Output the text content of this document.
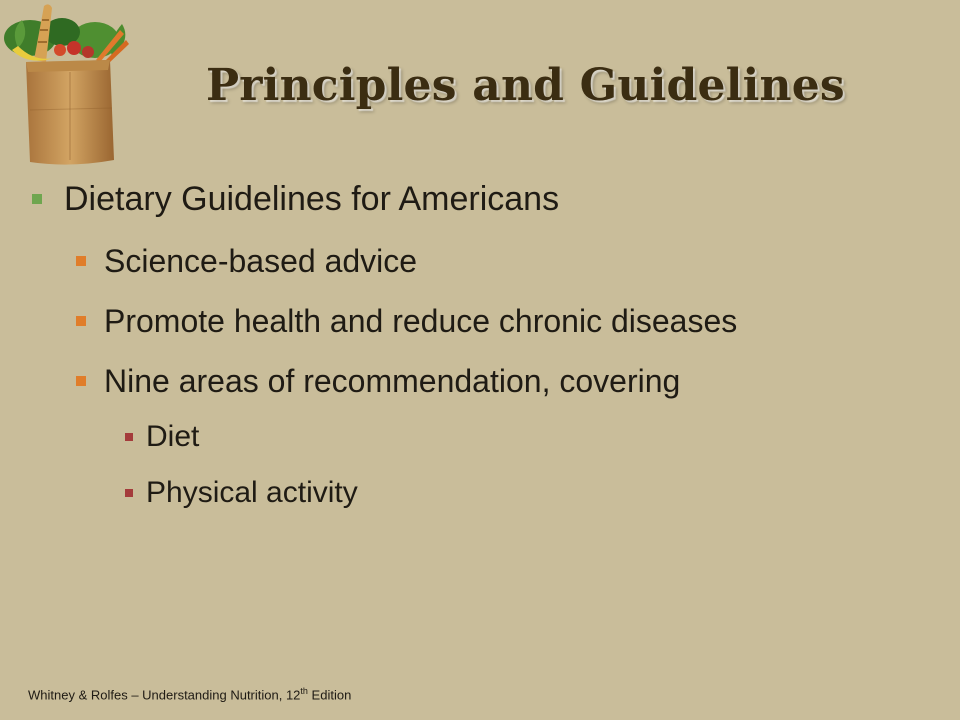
Principles and Guidelines
Dietary Guidelines for Americans
Science-based advice
Promote health and reduce chronic diseases
Nine areas of recommendation, covering
Diet
Physical activity
Whitney & Rolfes – Understanding Nutrition, 12th Edition
